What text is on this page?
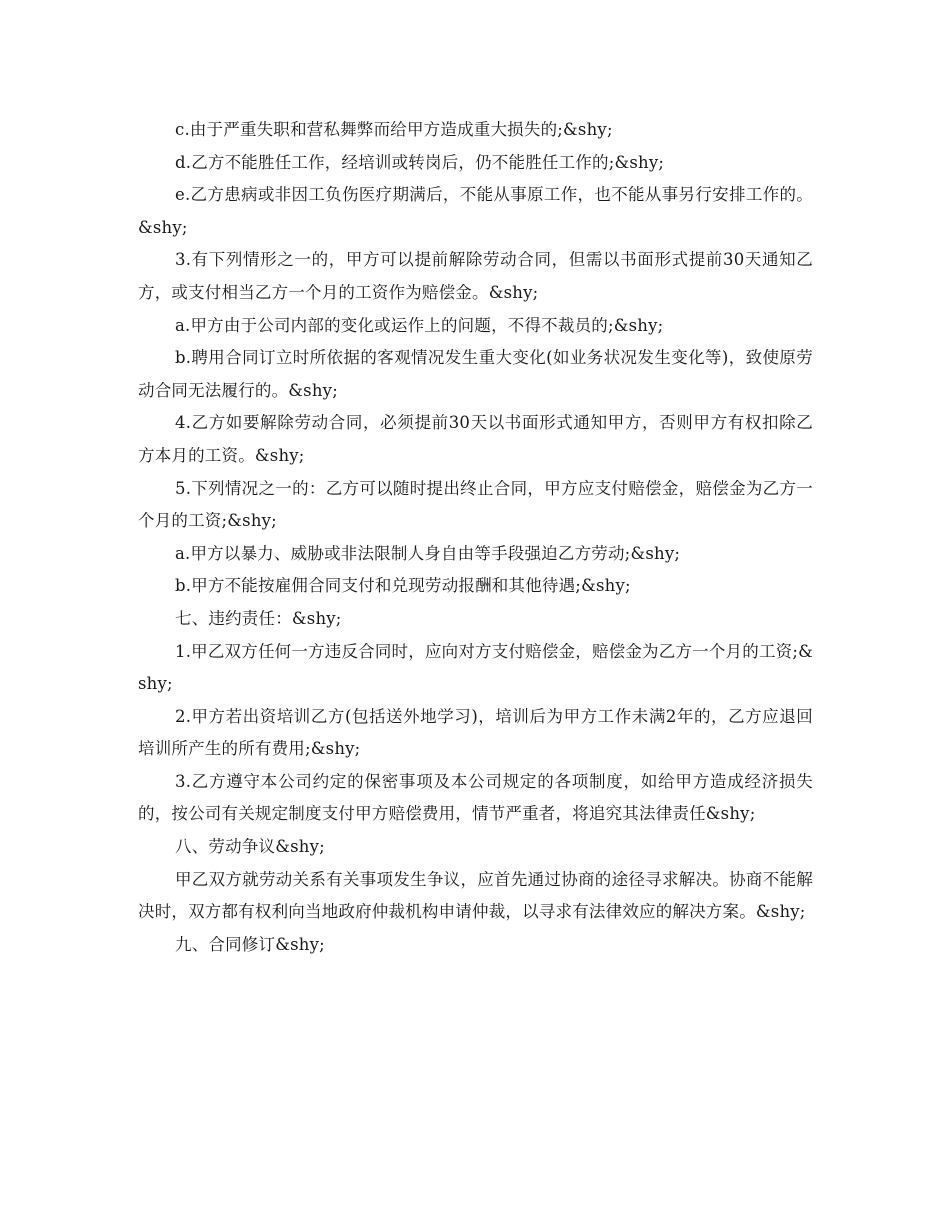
c.由于严重失职和营私舞弊而给甲方造成重大损失的;&shy;

d.乙方不能胜任工作，经培训或转岗后，仍不能胜任工作的;&shy;

e.乙方患病或非因工负伤医疗期满后，不能从事原工作，也不能从事另行安排工作的。&shy;

3.有下列情形之一的，甲方可以提前解除劳动合同，但需以书面形式提前30天通知乙方，或支付相当乙方一个月的工资作为赔偿金。&shy;

a.甲方由于公司内部的变化或运作上的问题，不得不裁员的;&shy;

b.聘用合同订立时所依据的客观情况发生重大变化(如业务状况发生变化等)，致使原劳动合同无法履行的。&shy;

4.乙方如要解除劳动合同，必须提前30天以书面形式通知甲方，否则甲方有权扣除乙方本月的工资。&shy;

5.下列情况之一的：乙方可以随时提出终止合同，甲方应支付赔偿金，赔偿金为乙方一个月的工资;&shy;

a.甲方以暴力、威胁或非法限制人身自由等手段强迫乙方劳动;&shy;

b.甲方不能按雇佣合同支付和兑现劳动报酬和其他待遇;&shy;

七、违约责任：&shy;

1.甲乙双方任何一方违反合同时，应向对方支付赔偿金，赔偿金为乙方一个月的工资;&shy;

2.甲方若出资培训乙方(包括送外地学习)，培训后为甲方工作未满2年的，乙方应退回培训所产生的所有费用;&shy;

3.乙方遵守本公司约定的保密事项及本公司规定的各项制度，如给甲方造成经济损失的，按公司有关规定制度支付甲方赔偿费用，情节严重者，将追究其法律责任&shy;

八、劳动争议&shy;

甲乙双方就劳动关系有关事项发生争议，应首先通过协商的途径寻求解决。协商不能解决时，双方都有权利向当地政府仲裁机构申请仲裁，以寻求有法律效应的解决方案。&shy;

九、合同修订&shy;
